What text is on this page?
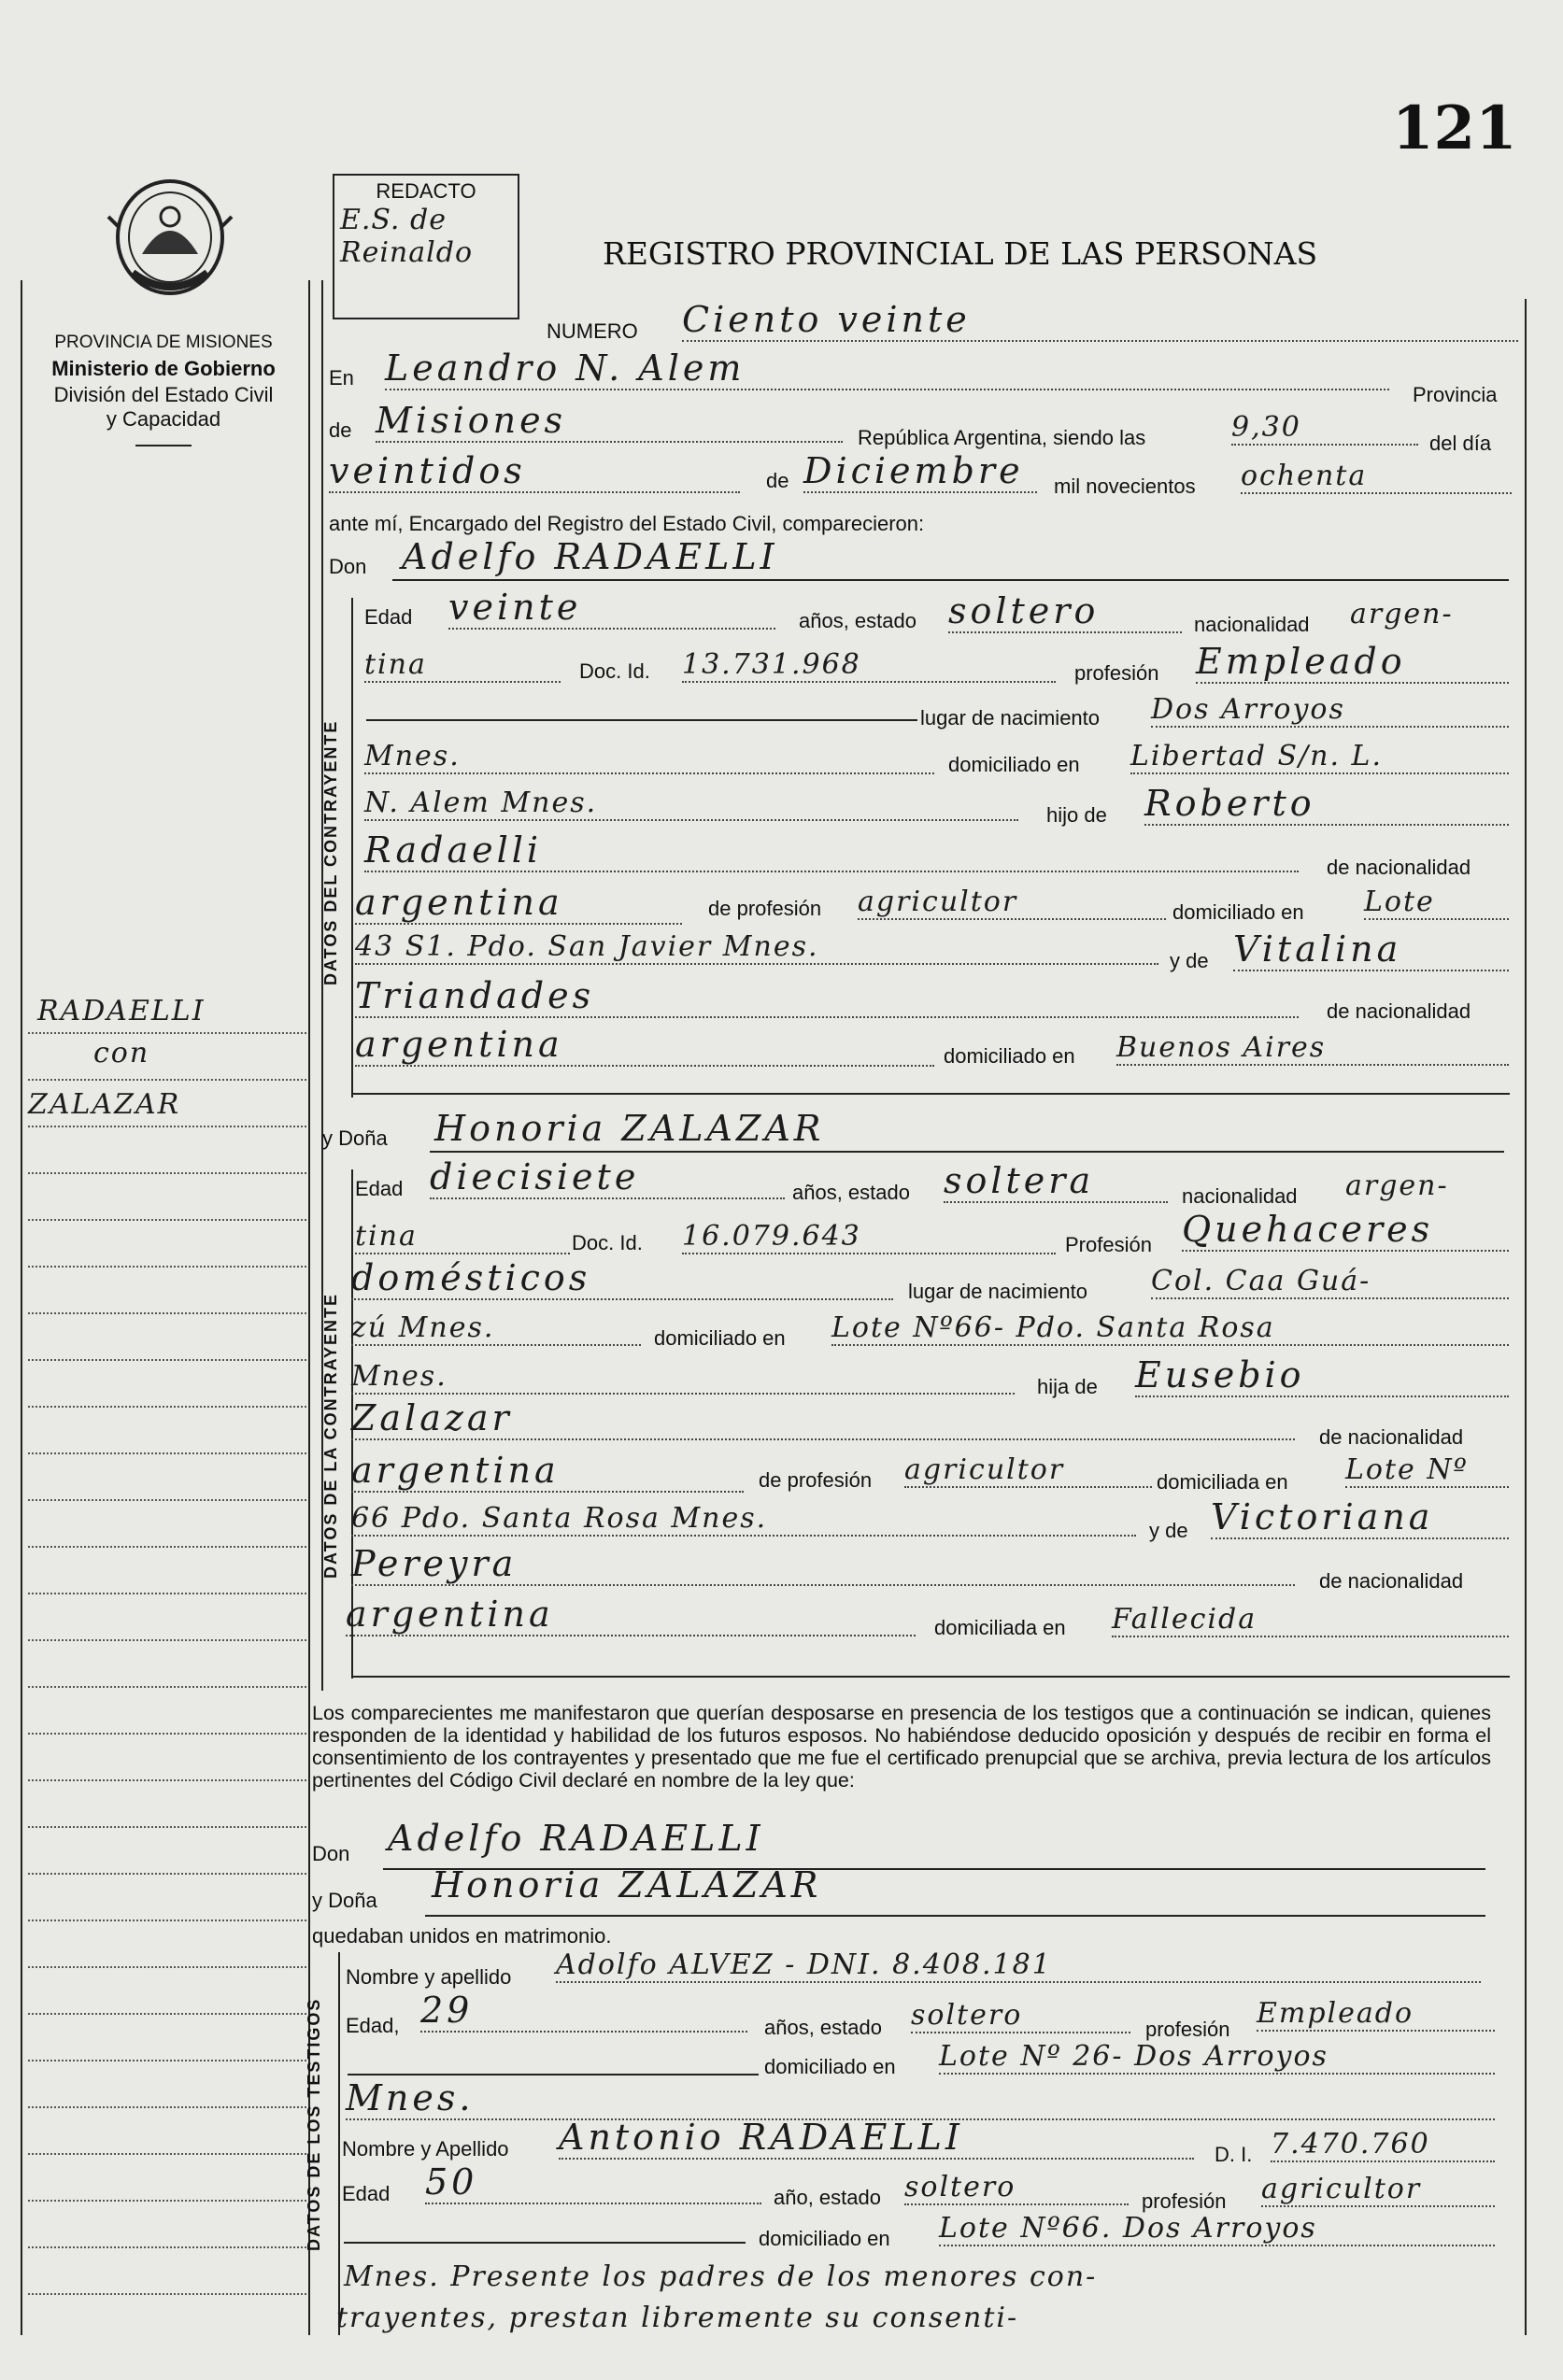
121
PROVINCIA DE MISIONES
Ministerio de Gobierno
División del Estado Civil
y Capacidad
RADAELLI
con
ZALAZAR
REDACTO
E.S. de
Reinaldo	REGISTRO PROVINCIAL DE LAS PERSONAS
NUMERO Ciento veinte
En Leandro N. Alem
Provincia
de Misiones	República Argentina, siendo las	9,30	del día
veintidos	de Diciembre	mil novecientos ochenta
ante mí, Encargado del Registro del Estado Civil, comparecieron:
Don Adelfo RADAELLI
DATOS DEL CONTRAYENTE
Edad veinte	años, estado soltero	nacionalidad argen-
tina	Doc. Id. 13.731.968	profesión Empleado
lugar de nacimiento Dos Arroyos
Mnes.	domiciliado en Libertad S/n. L.
N. Alem Mnes.	hijo de Roberto
Radaelli	de nacionalidad
argentina	de profesión agricultor	domiciliado en Lote
43 S1. Pdo. San Javier Mnes.	y de Vitalina
Triandades	de nacionalidad
argentina	domiciliado en Buenos Aires
y Doña Honoria ZALAZAR
DATOS DE LA CONTRAYENTE
Edad diecisiete	años, estado soltera	nacionalidad argen-
tina	Doc. Id. 16.079.643	Profesión Quehaceres
domésticos	lugar de nacimiento Col. Caa Guá-
zú Mnes.	domiciliado en Lote Nº66- Pdo. Santa Rosa
Mnes.	hija de Eusebio
Zalazar	de nacionalidad
argentina	de profesión agricultor	domiciliada en Lote Nº
66 Pdo. Santa Rosa Mnes.	y de Victoriana
Pereyra	de nacionalidad
argentina	domiciliada en Fallecida
Los comparecientes me manifestaron que querían desposarse en presencia de los testigos que a continuación se indican, quienes responden de la identidad y habilidad de los futuros esposos. No habiéndose deducido oposición y después de recibir en forma el consentimiento de los contrayentes y presentado que me fue el certificado prenupcial que se archiva, previa lectura de los artículos pertinentes del Código Civil declaré en nombre de la ley que:
Don Adelfo RADAELLI
y Doña Honoria ZALAZAR
quedaban unidos en matrimonio.
DATOS DE LOS TESTIGOS
Nombre y apellido Adolfo ALVEZ - DNI. 8.408.181
Edad, 29	años, estado soltero	profesión Empleado
domiciliado en Lote Nº 26- Dos Arroyos
Mnes.
Nombre y Apellido Antonio RADAELLI	D. I. 7.470.760
Edad 50	año, estado soltero	profesión agricultor
domiciliado en Lote Nº66. Dos Arroyos
Mnes. Presente los padres de los menores con-
trayentes, prestan libremente su consenti-
